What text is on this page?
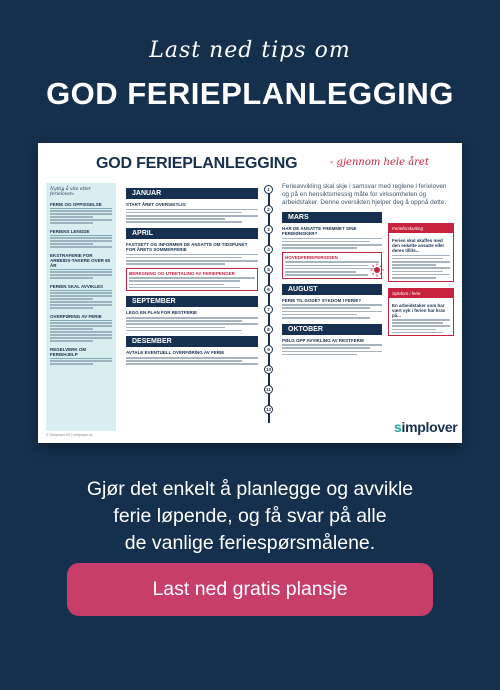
Last ned tips om
GOD FERIEPLANLEGGING
GOD FERIEPLANLEGGING	- gjennom hele året
Nyttig å vite etter ferieloven:
FERIE OG OPPSIGELSE
FERIENS LENGDE
EKSTRAFERIE FOR ARBEIDS-TAKERE OVER 60 ÅR
FERIEN SKAL AVVIKLES
OVERFØRING AV FERIE
REGELVERK OM FERIEHJELP
JANUAR
START ÅRET OVERSIKTLIG
APRIL
FASTSETT OG INFORMER DE ANSATTE OM TIDSPUNKT FOR ÅRETS SOMMERFERIE
BEREGNING OG UTBETALING AV FERIEPENGER
SEPTEMBER
LEGG EN PLAN FOR RESTFERIE
DESEMBER
AVTALE EVENTUELL OVERFØRING AV FERIE
1
2
3
4
5
6
7
8
9
10
11
12
Ferieavvikling skal skje i samsvar med reglene i ferieloven og på en hensiktsmessig måte for virksomheten og arbeidstaker. Denne oversikten hjelper deg å oppnå dette.
MARS
HAR DE ANSATTE FREMMET SINE FERIEØNSKER?
HOVEDFERIEPERIODEN
AUGUST
FERIE TIL GODE? SYKDOM I FERIE?
OKTOBER
PØLG OPP AVVIKLING AV RESTFERIE
Ferieforskutting
Ferien skal skaffes med den enkelte ansatte eller deres tillits...
Sykdom i ferie
En arbeidstaker som har vært syk i ferien har krav på...
simplover
© Simployer AS | simployer.no
Gjør det enkelt å planlegge og avvikle
ferie løpende, og få svar på alle
de vanlige feriespørsmålene.
Last ned gratis plansje
